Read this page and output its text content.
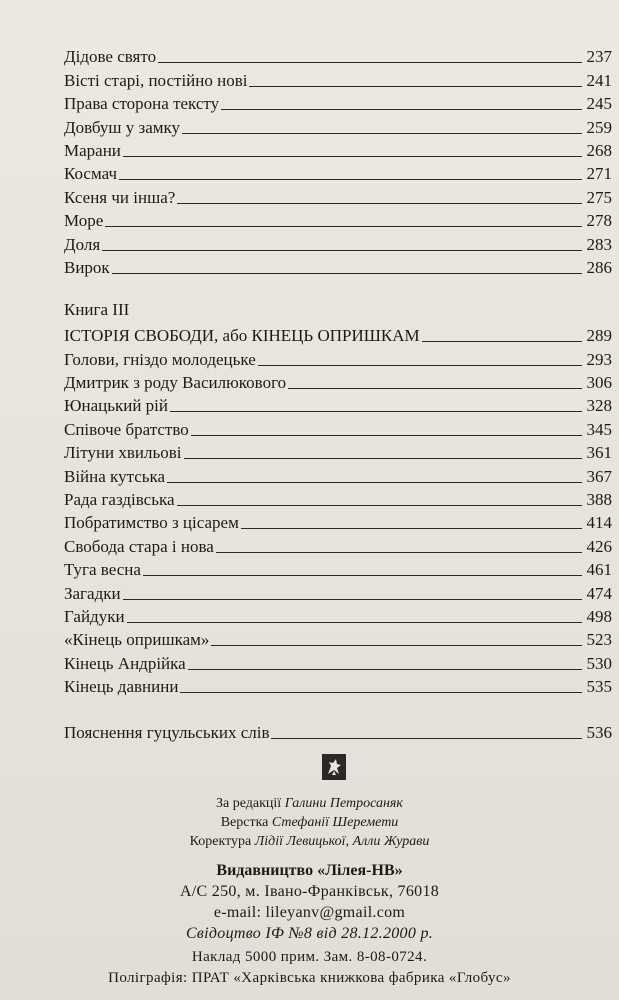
Дідове свято	237
Вісті старі, постійно нові	241
Права сторона тексту	245
Довбуш у замку	259
Марани	268
Космач	271
Ксеня чи інша?	275
Море	278
Доля	283
Вирок	286
Книга ІІІ
ІСТОРІЯ СВОБОДИ, або КІНЕЦЬ ОПРИШКАМ	289
Голови, гніздо молодецьке	293
Дмитрик з роду Василюкового	306
Юнацький рій	328
Співоче братство	345
Літуни хвильові	361
Війна кутська	367
Рада газдівська	388
Побратимство з цісарем	414
Свобода стара і нова	426
Туга весна	461
Загадки	474
Гайдуки	498
«Кінець опришкам»	523
Кінець Андрійка	530
Кінець давнини	535
Пояснення гуцульських слів	536
За редакції Галини Петросаняк
Верстка Стефанії Шеремети
Коректура Лідії Левицької, Алли Журави
Видавництво «Лілея-НВ»
А/С 250, м. Івано-Франківськ, 76018
e-mail: lileyanv@gmail.com
Свідоцтво ІФ №8 від 28.12.2000 р.
Наклад 5000 прим. Зам. 8-08-0724.
Поліграфія: ПРАТ «Харківська книжкова фабрика «Глобус»
